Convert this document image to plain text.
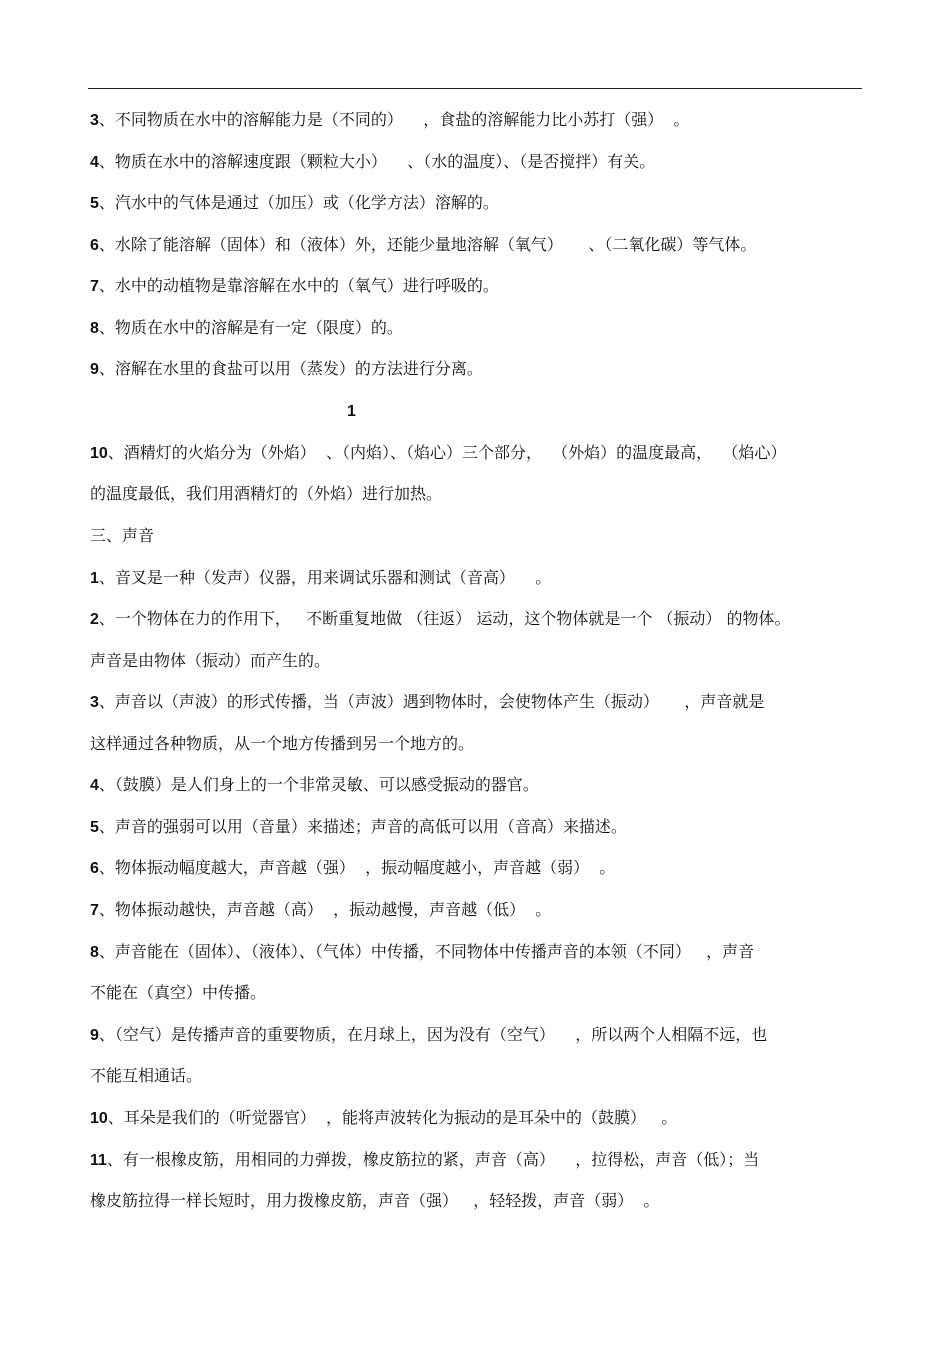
3、不同物质在水中的溶解能力是（不同的）    ，食盐的溶解能力比小苏打（强）  。
4、物质在水中的溶解速度跟（颗粒大小）    、（水的温度）、（是否搅拌）有关。
5、汽水中的气体是通过（加压）或（化学方法）溶解的。
6、水除了能溶解（固体）和（液体）外，还能少量地溶解（氧气）     、（二氧化碳）等气体。
7、水中的动植物是靠溶解在水中的（氧气）进行呼吸的。
8、物质在水中的溶解是有一定（限度）的。
9、溶解在水里的食盐可以用（蒸发）的方法进行分离。
1
10、酒精灯的火焰分为（外焰）  、（内焰）、（焰心）三个部分，  （外焰）的温度最高，  （焰心）
的温度最低，我们用酒精灯的（外焰）进行加热。
三、声音
1、音叉是一种（发声）仪器，用来调试乐器和测试（音高）    。
2、一个物体在力的作用下，   不断重复地做 （往返） 运动，这个物体就是一个 （振动） 的物体。
声音是由物体（振动）而产生的。
3、声音以（声波）的形式传播，当（声波）遇到物体时，会使物体产生（振动）     ，声音就是
这样通过各种物质，从一个地方传播到另一个地方的。
4、（鼓膜）是人们身上的一个非常灵敏、可以感受振动的器官。
5、声音的强弱可以用（音量）来描述；声音的高低可以用（音高）来描述。
6、物体振动幅度越大，声音越（强）  ，振动幅度越小，声音越（弱）  。
7、物体振动越快，声音越（高）  ，振动越慢，声音越（低）  。
8、声音能在（固体）、（液体）、（气体）中传播，不同物体中传播声音的本领（不同）   ，声音
不能在（真空）中传播。
9、（空气）是传播声音的重要物质，在月球上，因为没有（空气）    ，所以两个人相隔不远，也
不能互相通话。
10、耳朵是我们的（听觉器官）  ，能将声波转化为振动的是耳朵中的（鼓膜）   。
11、有一根橡皮筋，用相同的力弹拨，橡皮筋拉的紧，声音（高）    ，拉得松，声音（低）；当
橡皮筋拉得一样长短时，用力拨橡皮筋，声音（强）   ，轻轻拨，声音（弱）  。
